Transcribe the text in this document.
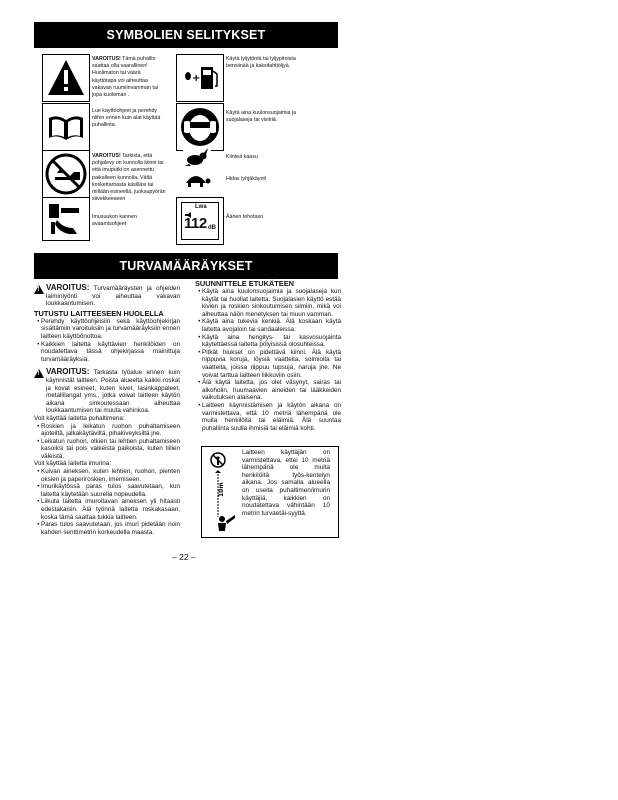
SYMBOLIEN SELITYKSET
VAROITUS! Tämä puhallin saattaa olla vaarallinen! Huolimaton tai väärä käyttötapa voi aiheuttaa vakavan ruumiinvamman tai jopa kuoleman .
+
Käytä lyijytöntä tai lyijypitoista bensiinää ja kaksitahtiöljyä.
Lue käyttöohjeet ja perehdy niihin ennen kuin alat käyttää puhallinta.
Käytä aina kuulonsuojaimia ja suojalaseja tai visiiriä.
VAROITUS! Tarkista, että pohjalevy on kunnolla kiinni tai että imuputki on asennettu paikalleen kunnolla. Vältä koskettamasta käsilläsi tai millään esineellä, juoksupyörän siivekkeeseen
Kiinteä kaasu
Hidas tyhjäkäynti
Imusuukon kannen avaamisohjeet
Lwa
112 dB
Äänen tehotaso
TURVAMÄÄRÄYKSET
!

VAROITUS: Turvamääräysten ja ohjeiden laiminlyönti voi aiheuttaa vakavan loukkaantumisen.

TUTUSTU LAITTEESEEN HUOLELLA

• Perehdy käyttöohjeisiin sekä käyttöohjekirjan sisältämiin varoituksiin ja turvamääräyksiin ennen laitteen käyttöönottoa.
• Kaikkien laitetta käyttävien henkilöiden on noudatettava tässä ohjekirjassa mainittuja turvamääräyksiä.
!

VAROITUS: Tarkasta työalue ennen kuin käynnistät laitteen. Poista alueelta kaikki roskat ja kovat esineet, kuten kivet, lasinkappaleet, metallilangat yms., jotka voivat laitteen käytön aikana sinkoutessaan aiheuttaa loukkaantumisen tai muuta vahinkoa.

Voit käyttää laitetta puhaltimena:

• Roskien ja leikatun ruohon puhaltamiseen ajoteiltä, jalkakäytäviltä, pihakiveyksiltä jne.
• Leikatun ruohon, olkien tai lehtien puhaltamiseen kasoiksi tai pois vaikeista paikoista, kuten tiilien väleistä.

Voit käyttää laitetta imurina:

• Kuivan aineksen, kuten lehtien, ruohon, pienten oksien ja paperiroskien, imemiseen.
• Imurikäytössä paras tulos saavutetaan, kun laitetta käytetään suurella nopeudella.
• Liikuta laitetta imuroitavan aineksen yli hitaasti edestakaisin. Älä työnnä laitetta roskakasaan, koska tämä saattaa tukkia laitteen.
• Paras tulos saavutetaan, jos imuri pidetään noin kahden senttimetrin korkeudella maasta.

SUUNNITTELE ETUKÄTEEN

• Käytä aina kuulonsuojaimia ja suojalaseja kun käytät tai huollat laitetta. Suojalasien käyttö estää kivien ja roskien sinkoutumisen silmiin, mikä voi aiheuttaa näön menetyksen tai muun vamman.
• Käytä aina tukevia kenkiä. Älä koskaan käytä laitetta avojaloin tai sandaaleissa.
• Käytä aina hengitys- tai kasvosuojainta käytettäessä laitetta pölyisissä olosuhteissa.
• Pitkät hiukset on pidettävä kiinni. Älä käytä riippuvia koruja, löysiä vaatteita, solmioita tai vaatteita, joissa riippuu tupsuja, naruja jne. Ne voivat tarttua laitteen liikkuviin osiin.
• Älä käytä laitetta, jos olet väsynyt, sairas tai alkoholin, huumaavien aineiden tai lääkkeiden vaikutuksen alaisena.
• Laitteen käynnistämisen ja käytön aikana on varmistettava, että 10 metriä lähempänä ole muita henkilöitä tai eläimiä. Älä suuntaa puhallinta suulla ihmisiä tai eläimiä kohti.
10m
Laitteen käyttäjän on varmistettava, ettei 10 metriä lähempänä ole muita henkilöitä työs-kentelyn aikana. Jos samalla alueella on useita puhaltimen/imurin käyttäjiä, kaikkien on noudatettava vähintään 10 metrin turvaetäi-syyttä.
– 22 –
